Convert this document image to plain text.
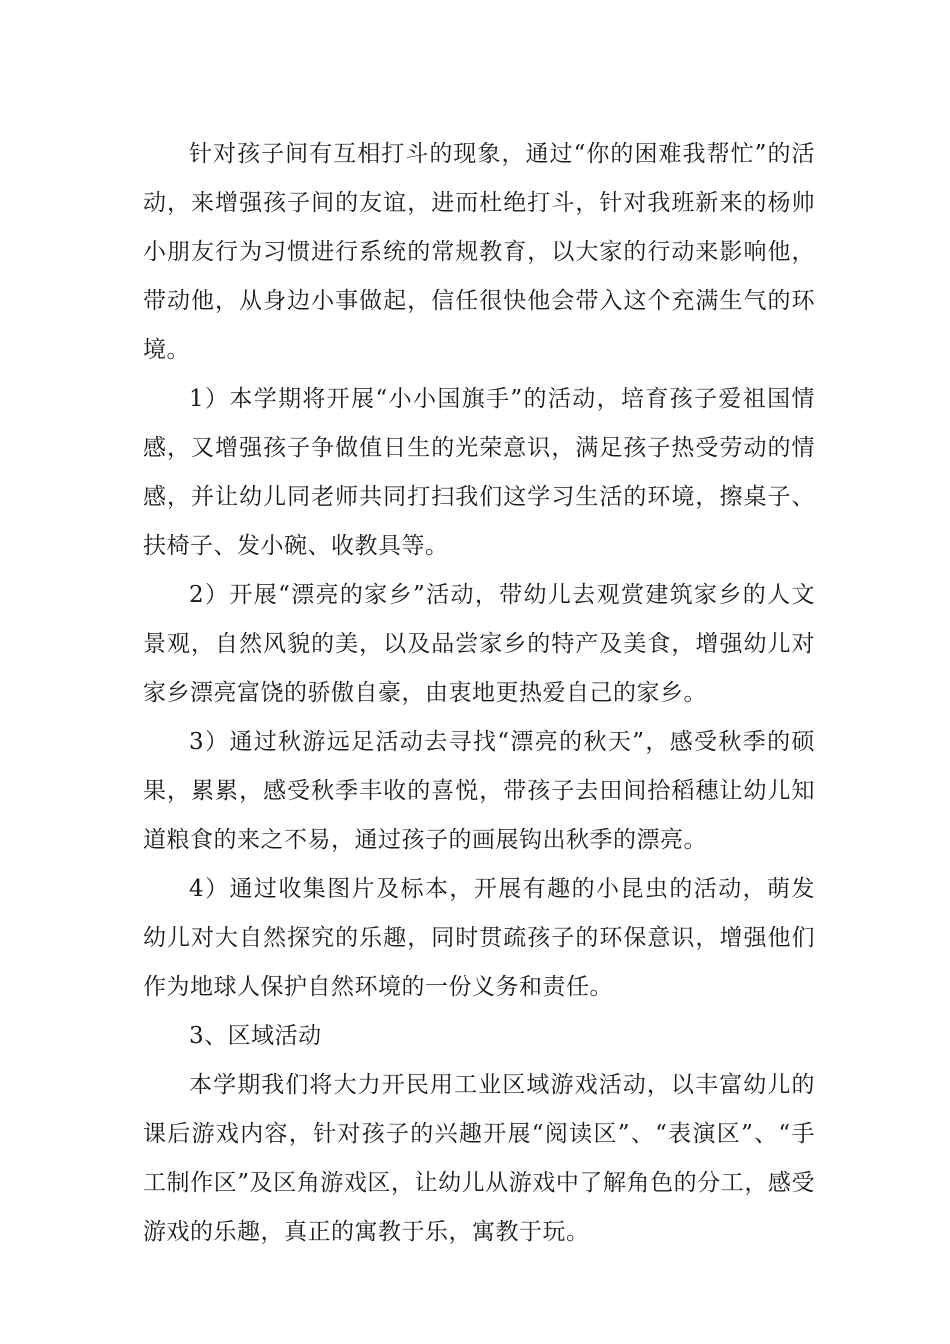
针对孩子间有互相打斗的现象，通过“你的困难我帮忙”的活动，来增强孩子间的友谊，进而杜绝打斗，针对我班新来的杨帅小朋友行为习惯进行系统的常规教育，以大家的行动来影响他，带动他，从身边小事做起，信任很快他会带入这个充满生气的环境。

1）本学期将开展“小小国旗手”的活动，培育孩子爱祖国情感，又增强孩子争做值日生的光荣意识，满足孩子热受劳动的情感，并让幼儿同老师共同打扫我们这学习生活的环境，擦桌子、扶椅子、发小碗、收教具等。

2）开展“漂亮的家乡”活动，带幼儿去观赏建筑家乡的人文景观，自然风貌的美，以及品尝家乡的特产及美食，增强幼儿对家乡漂亮富饶的骄傲自豪，由衷地更热爱自己的家乡。

3）通过秋游远足活动去寻找“漂亮的秋天”，感受秋季的硕果，累累，感受秋季丰收的喜悦，带孩子去田间拾稻穗让幼儿知道粮食的来之不易，通过孩子的画展钩出秋季的漂亮。

4）通过收集图片及标本，开展有趣的小昆虫的活动，萌发幼儿对大自然探究的乐趣，同时贯疏孩子的环保意识，增强他们作为地球人保护自然环境的一份义务和责任。

3、区域活动

本学期我们将大力开民用工业区域游戏活动，以丰富幼儿的课后游戏内容，针对孩子的兴趣开展“阅读区”、“表演区”、“手工制作区”及区角游戏区，让幼儿从游戏中了解角色的分工，感受游戏的乐趣，真正的寓教于乐，寓教于玩。
